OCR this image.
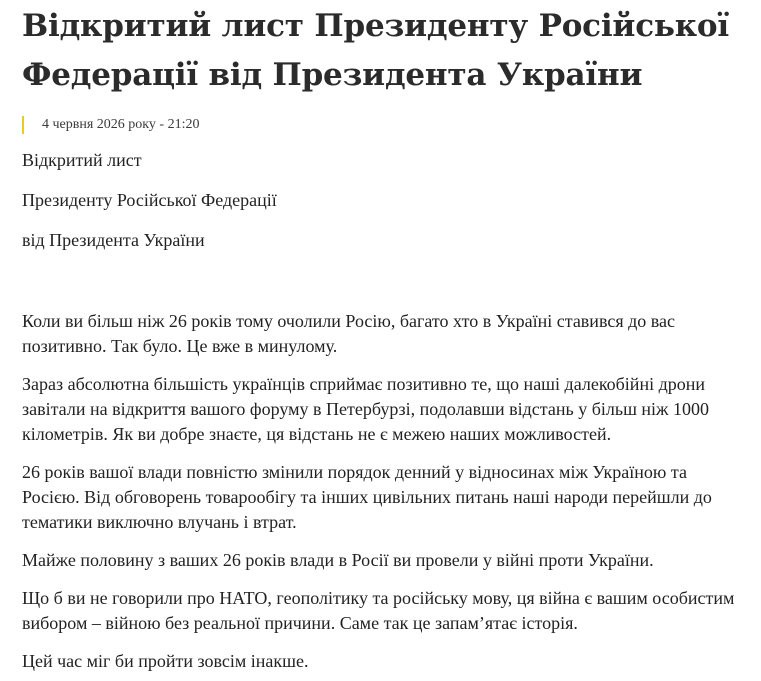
Відкритий лист Президенту Російської Федерації від Президента України
4 червня 2026 року - 21:20

Відкритий лист

Президенту Російської Федерації

від Президента України

Коли ви більш ніж 26 років тому очолили Росію, багато хто в Україні ставився до вас позитивно. Так було. Це вже в минулому.

Зараз абсолютна більшість українців сприймає позитивно те, що наші далекобійні дрони завітали на відкриття вашого форуму в Петербурзі, подолавши відстань у більш ніж 1000 кілометрів. Як ви добре знаєте, ця відстань не є межею наших можливостей.

26 років вашої влади повністю змінили порядок денний у відносинах між Україною та Росією. Від обговорень товарообігу та інших цивільних питань наші народи перейшли до тематики виключно влучань і втрат.

Майже половину з ваших 26 років влади в Росії ви провели у війні проти України.

Що б ви не говорили про НАТО, геополітику та російську мову, ця війна є вашим особистим вибором – війною без реальної причини. Саме так це запам’ятає історія.

Цей час міг би пройти зовсім інакше.
